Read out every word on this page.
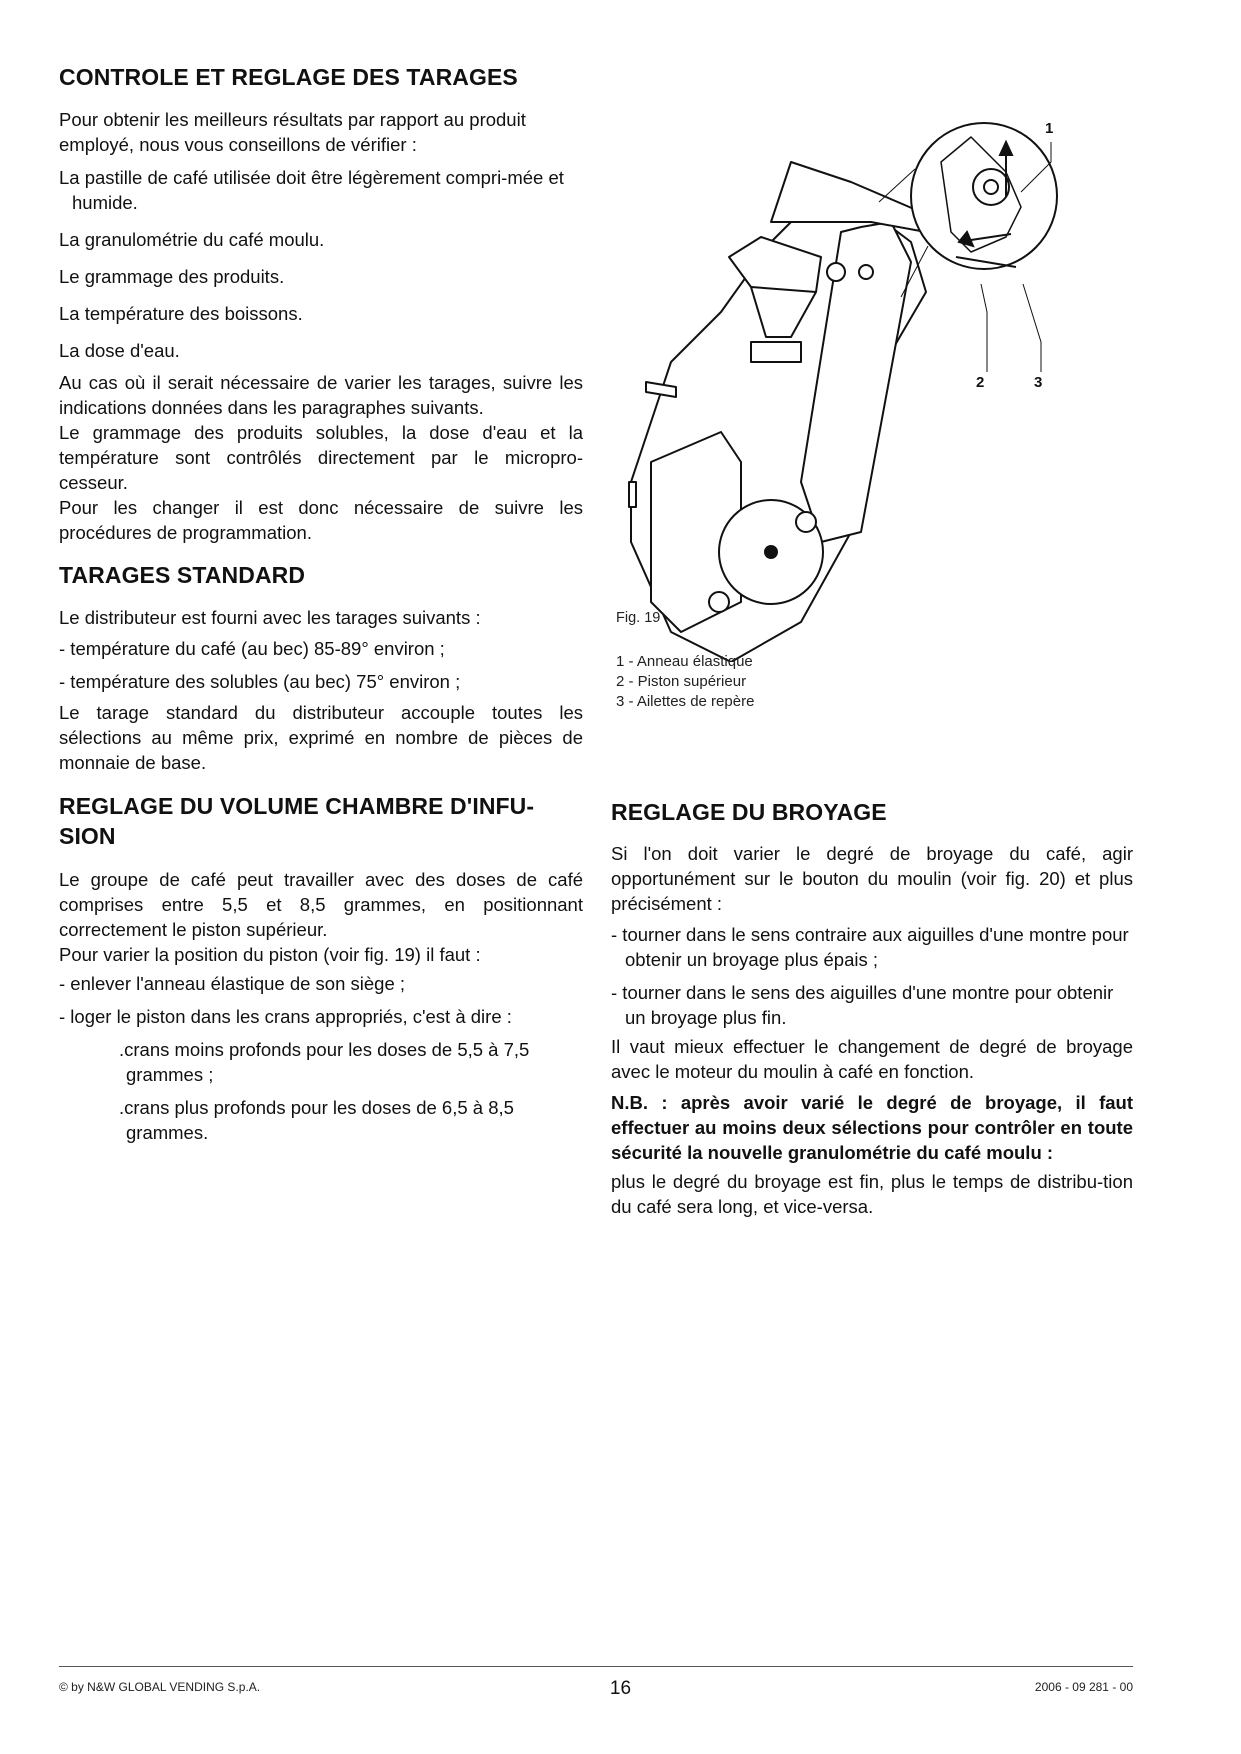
CONTROLE ET REGLAGE DES TARAGES

Pour obtenir les meilleurs résultats par rapport au produit employé, nous vous conseillons de vérifier :

La pastille de café utilisée doit être légèrement compri-mée et humide.

La granulométrie du café moulu.

Le grammage des produits.

La température des boissons.

La dose d'eau.

Au cas où il serait nécessaire de varier les tarages, suivre les indications données dans les paragraphes suivants.

Le grammage des produits solubles, la dose d'eau et la température sont contrôlés directement par le micropro-cesseur.

Pour les changer il est donc nécessaire de suivre les procédures de programmation.

TARAGES STANDARD

Le distributeur est fourni avec les tarages suivants :

- température du café (au bec) 85-89° environ ;

- température des solubles (au bec) 75° environ ;

Le tarage standard du distributeur accouple toutes les sélections au même prix, exprimé en nombre de pièces de monnaie de base.

REGLAGE DU VOLUME CHAMBRE D'INFU-SION

Le groupe de café peut travailler avec des doses de café comprises entre 5,5 et 8,5 grammes, en positionnant correctement le piston supérieur.

Pour varier la position du piston (voir fig. 19) il faut :

- enlever l'anneau élastique de son siège ;

- loger le piston dans les crans appropriés, c'est à dire :

.crans moins profonds pour les doses de 5,5 à 7,5 grammes ;

.crans plus profonds pour les doses de 6,5 à 8,5 grammes.

1
2	3
Fig. 19
1 - Anneau élastique
2 - Piston supérieur
3 - Ailettes de repère
REGLAGE DU BROYAGE

Si l'on doit varier le degré de broyage du café, agir opportunément sur le bouton du moulin (voir fig. 20) et plus précisément :

- tourner dans le sens contraire aux aiguilles d'une montre pour obtenir un broyage plus épais ;

- tourner dans le sens des aiguilles d'une montre pour obtenir un broyage plus fin.

Il vaut mieux effectuer le changement de degré de broyage avec le moteur du moulin à café en fonction.

N.B. : après avoir varié le degré de broyage, il faut effectuer au moins deux sélections pour contrôler en toute sécurité la nouvelle granulométrie du café moulu :

plus le degré du broyage est fin, plus le temps de distribu-tion du café sera long, et vice-versa.

© by N&W GLOBAL VENDING S.p.A.	16	2006 - 09 281 - 00
